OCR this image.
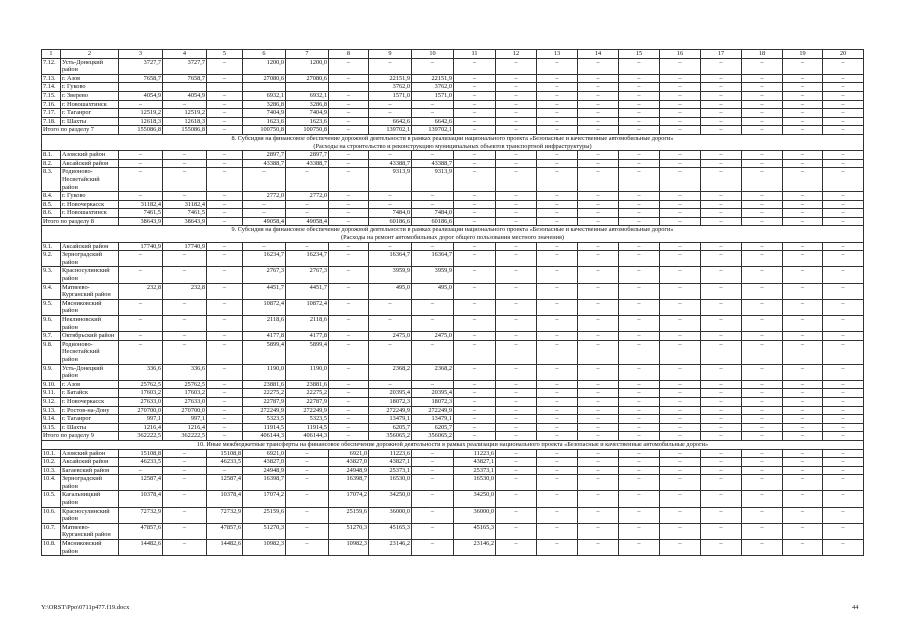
1	2	3	4	5	6	7	8	9	10	11	12	13	14	15	16	17	18	19	20
7.12.	Усть-Донецкий район	3727,7	3727,7	–	1200,0	1200,0	–	–	–	–	–	–	–	–	–	–	–	–	–
7.13.	г. Азов	7658,7	7658,7	–	27080,6	27080,6	–	22151,9	22151,9	–	–	–	–	–	–	–	–	–	–
7.14.	г. Гуково							3762,0	3762,0	–	–	–	–	–	–	–	–	–	–
7.15.	г. Зверево	4054,9	4054,9	–	6932,1	6932,1	–	1571,0	1571,0	–	–	–	–	–	–	–	–	–	–
7.16.	г. Новошахтинск	–	–	–	3286,8	3286,8	–	–	–	–	–	–	–	–	–	–	–	–	–
7.17.	г. Таганрог	12519,2	12519,2	–	7404,9	7404,9	–	–	–	–	–	–	–	–	–	–	–	–	–
7.18.	г. Шахты	12618,3	12618,3	–	1623,6	1623,6	–	6642,6	6642,6	–	–	–	–	–	–	–	–	–	–
Итого по разделу 7		155086,8	155086,8	–	100750,8	100750,8	–	139702,1	139702,1	–	–	–	–	–	–	–	–	–	–
8. Субсидия на финансовое обеспечение дорожной деятельности в рамках реализации национального проекта «Безопасные и качественные автомобильные дороги»																			
(Расходы на строительство и реконструкцию муниципальных объектов транспортной инфраструктуры)																			
8.1.	Азовский район	–	–	–	2897,7	2897,7	–	–	–	–	–	–	–	–	–	–	–	–	–
8.2.	Аксайский район	–	–	–	43388,7	43388,7	–	43388,7	43388,7	–	–	–	–	–	–	–	–	–	–
8.3.	Родионово-Несветайский район	–	–	–	–	–	–	9313,9	9313,9	–	–	–	–	–	–	–	–	–	–
8.4.	г. Гуково	–	–	–	2772,0	2772,0	–	–	–	–	–	–	–	–	–	–	–	–	–
8.5.	г. Новочеркасск	31182,4	31182,4	–	–	–	–	–	–	–	–	–	–	–	–	–	–	–	–
8.6.	г. Новошахтинск	7461,5	7461,5	–	–	–	–	7484,0	7484,0	–	–	–	–	–	–	–	–	–	–
Итого по разделу 8		38643,9	38643,9	–	49058,4	49058,4	–	60186,6	60186,6	–	–	–	–	–	–	–	–	–	–
9. Субсидия на финансовое обеспечение дорожной деятельности в рамках реализации национального проекта «Безопасные и качественные автомобильные дороги»																			
(Расходы на ремонт автомобильных дорог общего пользования местного значения)																			
9.1.	Аксайский район	17740,9	17740,9	–	–	–	–	–	–	–	–	–	–	–	–	–	–	–	–
9.2.	Зерноградский район	–	–	–	16234,7	16234,7	–	16364,7	16364,7	–	–	–	–	–	–	–	–	–	–
9.3.	Красносулинский район	–	–	–	2767,3	2767,3	–	3959,9	3959,9	–	–	–	–	–	–	–	–	–	–
9.4.	Матвеево-Курганский район	232,8	232,8	–	4451,7	4451,7	–	495,0	495,0	–	–	–	–	–	–	–	–	–	–
9.5.	Мясниковский район	–	–	–	10872,4	10872,4	–	–	–	–	–	–	–	–	–	–	–	–	–
9.6.	Неклиновский район	–	–	–	2118,6	2118,6	–	–	–	–	–	–	–	–	–	–	–	–	–
9.7.	Октябрьский район	–	–	–	4177,8	4177,8	–	2475,0	2475,0	–	–	–	–	–	–	–	–	–	–
9.8.	Родионово-Несветайский район	–	–	–	5899,4	5899,4	–	–	–	–	–	–	–	–	–	–	–	–	–
9.9.	Усть-Донецкий район	336,6	336,6	–	1190,0	1190,0	–	2368,2	2368,2	–	–	–	–	–	–	–	–	–	–
9.10.	г. Азов	25762,5	25762,5	–	23881,6	23881,6	–	–	–	–	–	–	–	–	–	–	–	–	–
9.11.	г. Батайск	17603,2	17603,2	–	22275,2	22275,2	–	20395,4	20395,4	–	–	–	–	–	–	–	–	–	–
9.12.	г. Новочеркасск	27633,0	27633,0	–	22787,9	22787,9	–	18072,3	18072,3	–	–	–	–	–	–	–	–	–	–
9.13.	г. Ростов-на-Дону	270700,0	270700,0	–	272249,9	272249,9	–	272249,9	272249,9	–	–	–	–	–	–	–	–	–	–
9.14.	г. Таганрог	997,1	997,1	–	5323,5	5323,5	–	13479,1	13479,1	–	–	–	–	–	–	–	–	–	–
9.15.	г. Шахты	1216,4	1216,4	–	11914,5	11914,5	–	6205,7	6205,7	–	–	–	–	–	–	–	–	–	–
Итого по разделу 9		362222,5	362222,5	–	406144,3	406144,3	–	356065,2	356065,2	–	–	–	–	–	–	–	–	–	–
10. Иные межбюджетные трансферты на финансовое обеспечение дорожной деятельности в рамках реализации национального проекта «Безопасные и качественные автомобильные дороги»																			
10.1.	Азовский район	15108,8	–	15108,8	6921,0	–	6921,0	11223,6	–	11223,6	–	–	–	–	–	–	–	–	–
10.2.	Аксайский район	46233,5	–	46233,5	43827,0	–	43827,0	43827,1	–	43827,1	–	–	–	–	–	–	–	–	–
10.3.	Багаевский район	–	–	–	24948,9	–	24948,9	25373,1	–	25373,1	–	–	–	–	–	–	–	–	–
10.4.	Зерноградский район	12587,4	–	12587,4	16398,7	–	16398,7	16530,0	–	16530,0	–	–	–	–	–	–	–	–	–
10.5.	Кагальницкий район	10378,4	–	10378,4	17074,2	–	17074,2	34250,0	–	34250,0	–	–	–	–	–	–	–	–	–
10.6.	Красносулинский район	72732,9	–	72732,9	25159,6	–	25159,6	36000,0	–	36000,0	–	–	–	–	–	–	–	–	–
10.7.	Матвеево-Курганский район	47857,6	–	47857,6	51270,3	–	51270,3	45165,3	–	45165,3	–	–	–	–	–	–	–	–	–
10.8.	Мясниковский район	14482,6	–	14482,6	10982,3	–	10982,3	23146,2	–	23146,2	–	–	–	–	–	–	–	–	–
Y:\ORST\Ppo\0711p477.f19.docx	44
